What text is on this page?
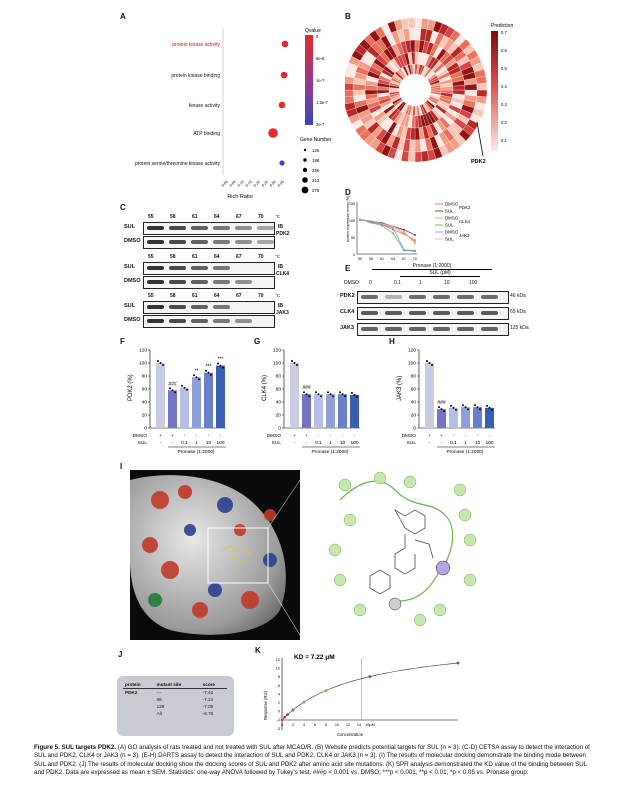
A
protein kinase activity
protein kinase binding
kinase activity
ATP binding
protein serine/threonine kinase activity
0.00 0.05 0.10 0.15 0.20 0.25 0.30 0.35
Rich Ratio
Qvalue
0
5e-8
1e-7
1.5e-7
2e-7
Gene Number
125
188
250
313
375
B
PDK2
Prediction
0.7
0.6
0.5
0.4
0.3
0.2
0.1
C
55	58	61	64	67	70	°C
SUL
DMSO
IB
PDK2
55	58	61	64	67	70	°C
SUL
DMSO
IB
CLK4
55	58	61	64	67	70	°C
SUL
DMSO
IB
JAK3
D
protein expression levels (%) 150
100
50
0
55 58 61 64 67 70
DMSO
PDK2
SUL
DMSO
CLK4
SUL
DMSO
JAK3
SUL
E	Pronase (1:2000)
SUL (μM)
DMSO 0	0.1	1	10	100
PDK2	46 kDa
CLK4	65 kDa
JAK3	125 kDa
F	G	H
PDK2 (%)
120
100
80
60
40
20
0
###
**
***
***
DMSO
SUL
+ + - - - -
- - 0.1 1 10 100
Pronase (1:2000)
CLK4 (%)
120
100
80
60
40
20
0
###
DMSO
SUL
+ + - - - -
- - 0.1 1 10 100
Pronase (1:2000)
JAK3 (%)
120
100
80
60
40
20
0
###
DMSO
SUL
+ + - - - -
- - 0.1 1 10 100
Pronase (1:2000)
I
J
protein	mutant site	score
PDK2	---	-7.42
	66	-7.24
	139	-7.09
	All	-6.76
K
KD = 7.22 μM
Response (RU)
12
10
8
6
4
2
0
-2
-3
0 2 4 6 8 10 12 14 16μM
Concentration
Figure 5. SUL targets PDK2. (A) GO analysis of rats treated and not treated with SUL after MCAO/R. (B) Website predicts potential targets for SUL (n = 3). (C-D) CETSA assay to detect the interaction of SUL and PDK2, CLK4 or JAK3 (n = 3). (E-H) DARTS assay to detect the interaction of SUL and PDK2, CLK4 or JAK3 (n = 3). (I) The results of molecular docking demonstrate the binding mode between SUL and PDK2. (J) The results of molecular docking show the docking scores of SUL and PDK2 after amino acid site mutations. (K) SPR analysis demonstrated the KD value of the binding between SUL and PDK2. Data are expressed as mean ± SEM. Statistics: one-way ANOVA followed by Tukey's test. ###p < 0.001 vs. DMSO; ***p < 0.001, **p < 0.01, *p < 0.05 vs. Pronase group.
